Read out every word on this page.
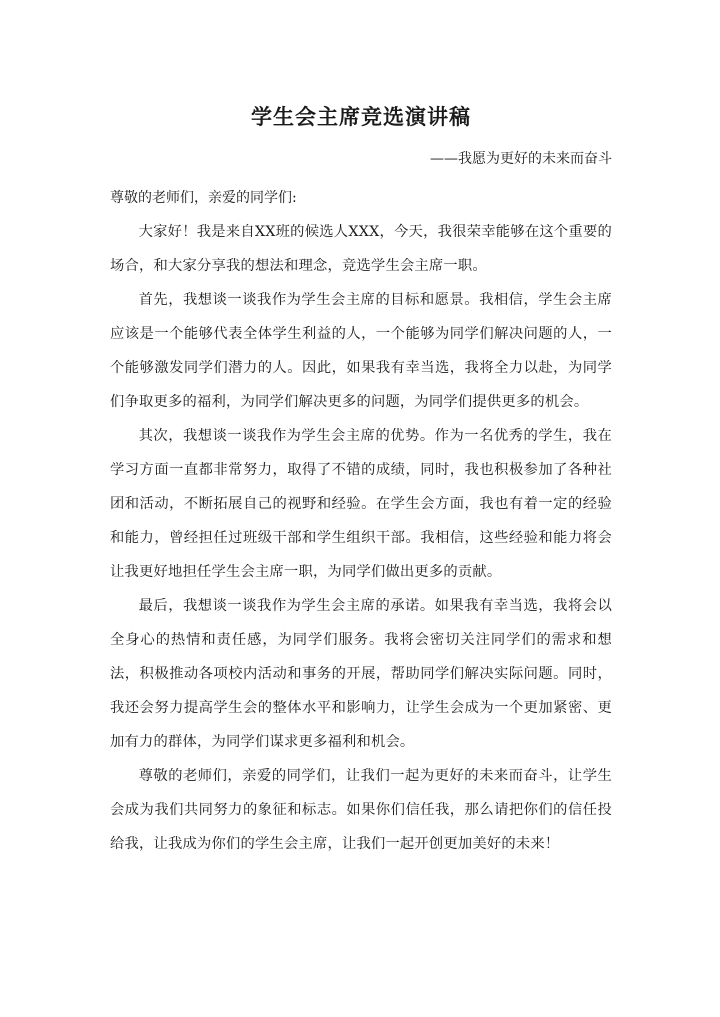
学生会主席竞选演讲稿

——我愿为更好的未来而奋斗

尊敬的老师们，亲爱的同学们:

大家好！我是来自XX班的候选人XXX，今天，我很荣幸能够在这个重要的场合，和大家分享我的想法和理念，竞选学生会主席一职。

首先，我想谈一谈我作为学生会主席的目标和愿景。我相信，学生会主席应该是一个能够代表全体学生利益的人，一个能够为同学们解决问题的人，一个能够激发同学们潜力的人。因此，如果我有幸当选，我将全力以赴，为同学们争取更多的福利，为同学们解决更多的问题，为同学们提供更多的机会。

其次，我想谈一谈我作为学生会主席的优势。作为一名优秀的学生，我在学习方面一直都非常努力，取得了不错的成绩，同时，我也积极参加了各种社团和活动，不断拓展自己的视野和经验。在学生会方面，我也有着一定的经验和能力，曾经担任过班级干部和学生组织干部。我相信，这些经验和能力将会让我更好地担任学生会主席一职，为同学们做出更多的贡献。

最后，我想谈一谈我作为学生会主席的承诺。如果我有幸当选，我将会以全身心的热情和责任感，为同学们服务。我将会密切关注同学们的需求和想法，积极推动各项校内活动和事务的开展，帮助同学们解决实际问题。同时，我还会努力提高学生会的整体水平和影响力，让学生会成为一个更加紧密、更加有力的群体，为同学们谋求更多福利和机会。

尊敬的老师们，亲爱的同学们，让我们一起为更好的未来而奋斗，让学生会成为我们共同努力的象征和标志。如果你们信任我，那么请把你们的信任投给我，让我成为你们的学生会主席，让我们一起开创更加美好的未来！
